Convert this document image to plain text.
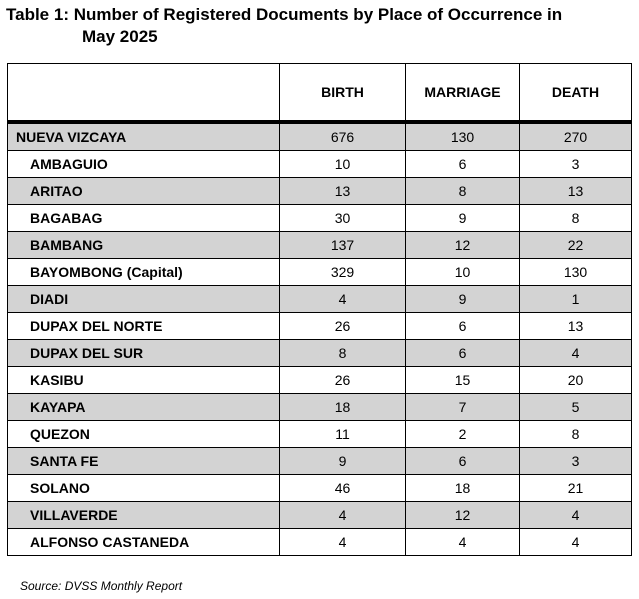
Table 1: Number of Registered Documents by Place of Occurrence in
May 2025
	BIRTH	MARRIAGE	DEATH
NUEVA VIZCAYA	676	130	270
AMBAGUIO	10	6	3
ARITAO	13	8	13
BAGABAG	30	9	8
BAMBANG	137	12	22
BAYOMBONG (Capital)	329	10	130
DIADI	4	9	1
DUPAX DEL NORTE	26	6	13
DUPAX DEL SUR	8	6	4
KASIBU	26	15	20
KAYAPA	18	7	5
QUEZON	11	2	8
SANTA FE	9	6	3
SOLANO	46	18	21
VILLAVERDE	4	12	4
ALFONSO CASTANEDA	4	4	4
Source: DVSS Monthly Report
